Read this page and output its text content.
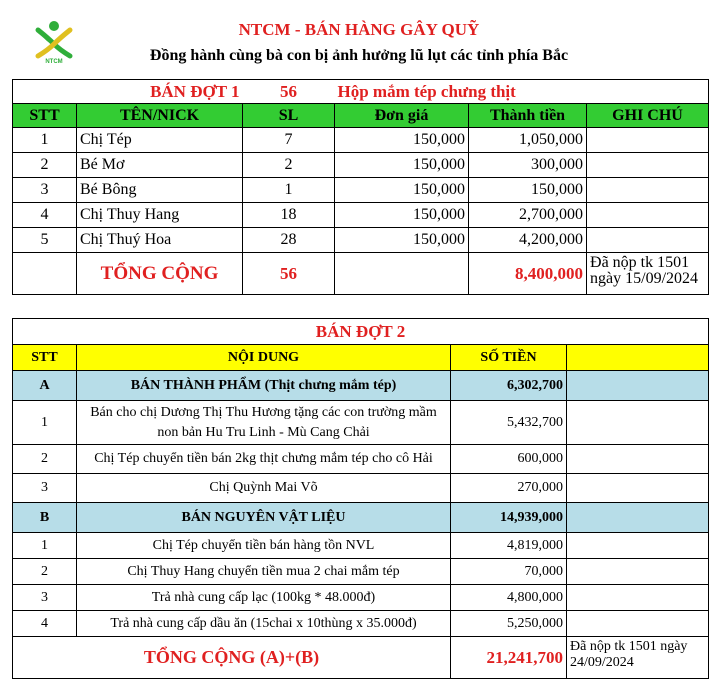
NTCM
NTCM - BÁN HÀNG GÂY QUỸ
Đồng hành cùng bà con bị ảnh hưởng lũ lụt các tỉnh phía Bắc
	BÁN ĐỢT 1	56	Hộp mắm tép chưng thịt		
STT	TÊN/NICK	SL	Đơn giá	Thành tiền	GHI CHÚ
1	Chị Tép	7	150,000	1,050,000	
2	Bé Mơ	2	150,000	300,000	
3	Bé Bông	1	150,000	150,000	
4	Chị Thuy Hang	18	150,000	2,700,000	
5	Chị Thuý Hoa	28	150,000	4,200,000	
	TỔNG CỘNG	56		8,400,000	Đã nộp tk 1501 ngày 15/09/2024
BÁN ĐỢT 2			
STT	NỘI DUNG	SỐ TIỀN	
A	BÁN THÀNH PHẨM (Thịt chưng mắm tép)	6,302,700	
1	Bán cho chị Dương Thị Thu Hương tặng các con trường mầm non bản Hu Tru Linh - Mù Cang Chải	5,432,700	
2	Chị Tép chuyển tiền bán 2kg thịt chưng mắm tép cho cô Hải	600,000	
3	Chị Quỳnh Mai Võ	270,000	
B	BÁN NGUYÊN VẬT LIỆU	14,939,000	
1	Chị Tép chuyển tiền bán hàng tồn NVL	4,819,000	
2	Chị Thuy Hang chuyển tiền mua 2 chai mắm tép	70,000	
3	Trả nhà cung cấp lạc (100kg * 48.000đ)	4,800,000	
4	Trả nhà cung cấp dầu ăn (15chai x 10thùng x 35.000đ)	5,250,000	
TỔNG CỘNG (A)+(B)		21,241,700	Đã nộp tk 1501 ngày 24/09/2024
